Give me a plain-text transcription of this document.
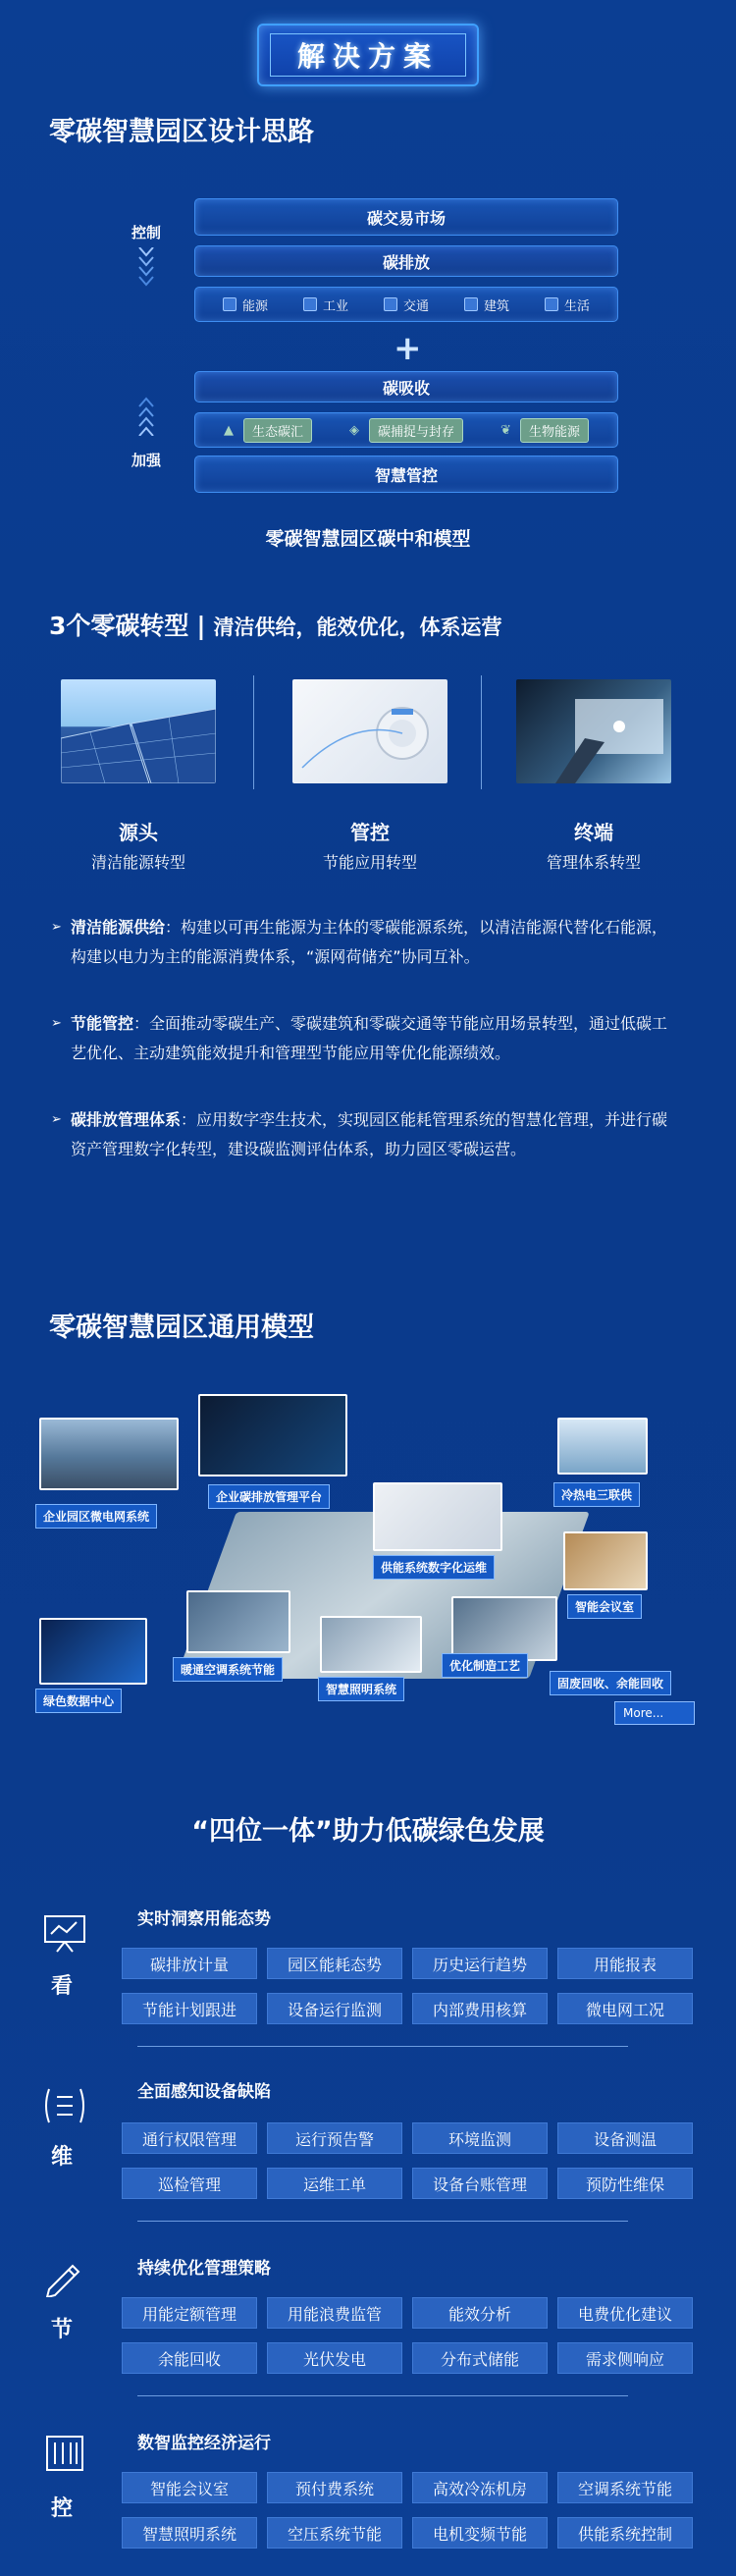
解决方案
零碳智慧园区设计思路
控制
碳交易市场
碳排放
能源	工业	交通	建筑	生活
+
碳吸收
▲	生态碳汇	◈	碳捕捉与封存	❦	生物能源
加强
智慧管控
零碳智慧园区碳中和模型
3个零碳转型 | 清洁供给，能效优化，体系运营
源头
清洁能源转型
管控
节能应用转型
终端
管理体系转型
➢ 清洁能源供给：构建以可再生能源为主体的零碳能源系统，以清洁能源代替化石能源，构建以电力为主的能源消费体系，“源网荷储充”协同互补。
➢ 节能管控：全面推动零碳生产、零碳建筑和零碳交通等节能应用场景转型，通过低碳工艺优化、主动建筑能效提升和管理型节能应用等优化能源绩效。
➢ 碳排放管理体系：应用数字孪生技术，实现园区能耗管理系统的智慧化管理，并进行碳资产管理数字化转型，建设碳监测评估体系，助力园区零碳运营。
零碳智慧园区通用模型
企业园区微电网系统
企业碳排放管理平台	冷热电三联供
供能系统数字化运维
智能会议室
暖通空调系统节能
绿色数据中心
智慧照明系统
优化制造工艺
固废回收、余能回收
More...
“四位一体”助力低碳绿色发展
看
实时洞察用能态势
碳排放计量	园区能耗态势	历史运行趋势	用能报表
节能计划跟进	设备运行监测	内部费用核算	微电网工况
维
全面感知设备缺陷
通行权限管理	运行预告警	环境监测	设备测温
巡检管理	运维工单	设备台账管理	预防性维保
节
持续优化管理策略
用能定额管理	用能浪费监管	能效分析	电费优化建议
余能回收	光伏发电	分布式储能	需求侧响应
控
数智监控经济运行
智能会议室	预付费系统	高效冷冻机房	空调系统节能
智慧照明系统	空压系统节能	电机变频节能	供能系统控制
